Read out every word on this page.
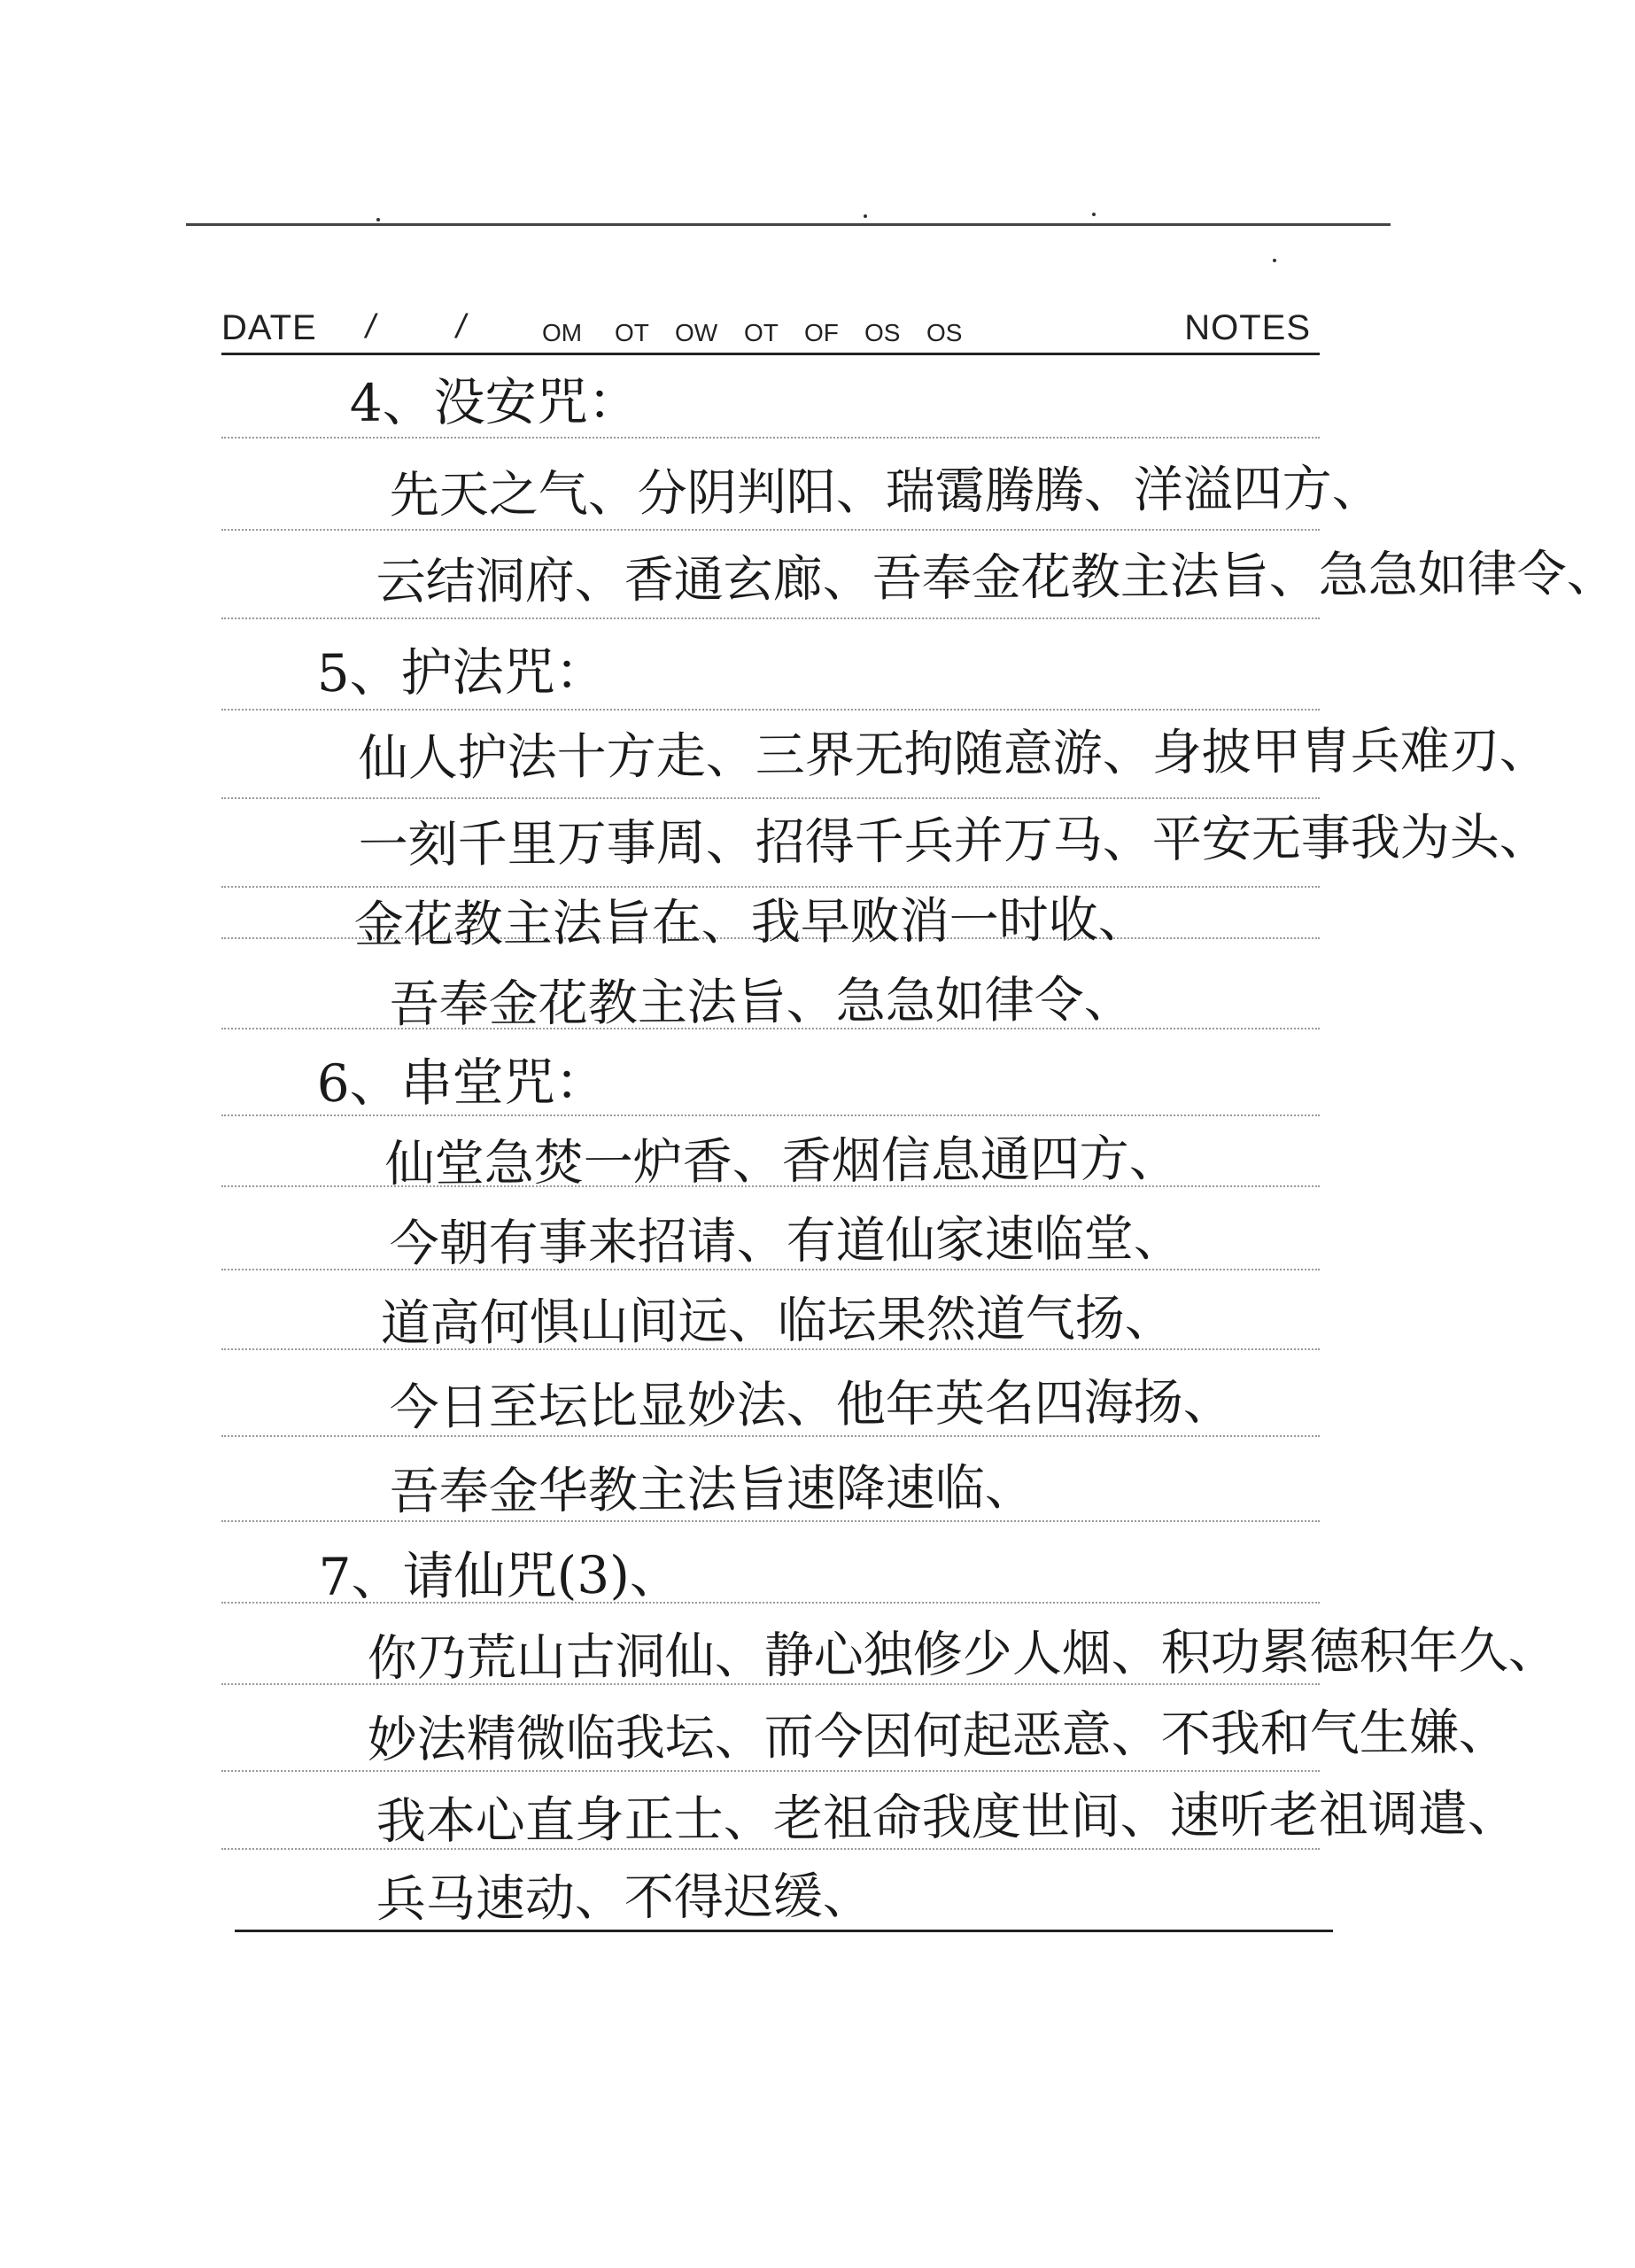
DATE / /	OM OT OW OT OF OS OS	NOTES
4、没安咒：
先天之气、分阴判阳、瑞霭腾腾、洋溢四方、
云结洞府、香通玄廊、吾奉金花教主法旨、急急如律令、
5、护法咒：
仙人护法十方走、三界无拘随意游、身披甲胄兵难刃、
一刻千里万事周、招得千兵并万马、平安无事我为头、
金花教主法旨在、我早败消一时收、
吾奉金花教主法旨、急急如律令、
6、串堂咒：
仙堂急焚一炉香、香烟信息通四方、
今朝有事来招请、有道仙家速临堂、
道高何惧山间远、临坛果然道气扬、
今日至坛比显妙法、他年英名四海扬、
吾奉金华教主法旨速降速临、
7、请仙咒(3)、
你乃荒山古洞仙、静心独修少人烟、积功累德积年久、
妙法精微临我坛、而今因何起恶意、不我和气生嫌、
我本心直身正士、老祖命我度世间、速听老祖调遣、
兵马速动、不得迟缓、
